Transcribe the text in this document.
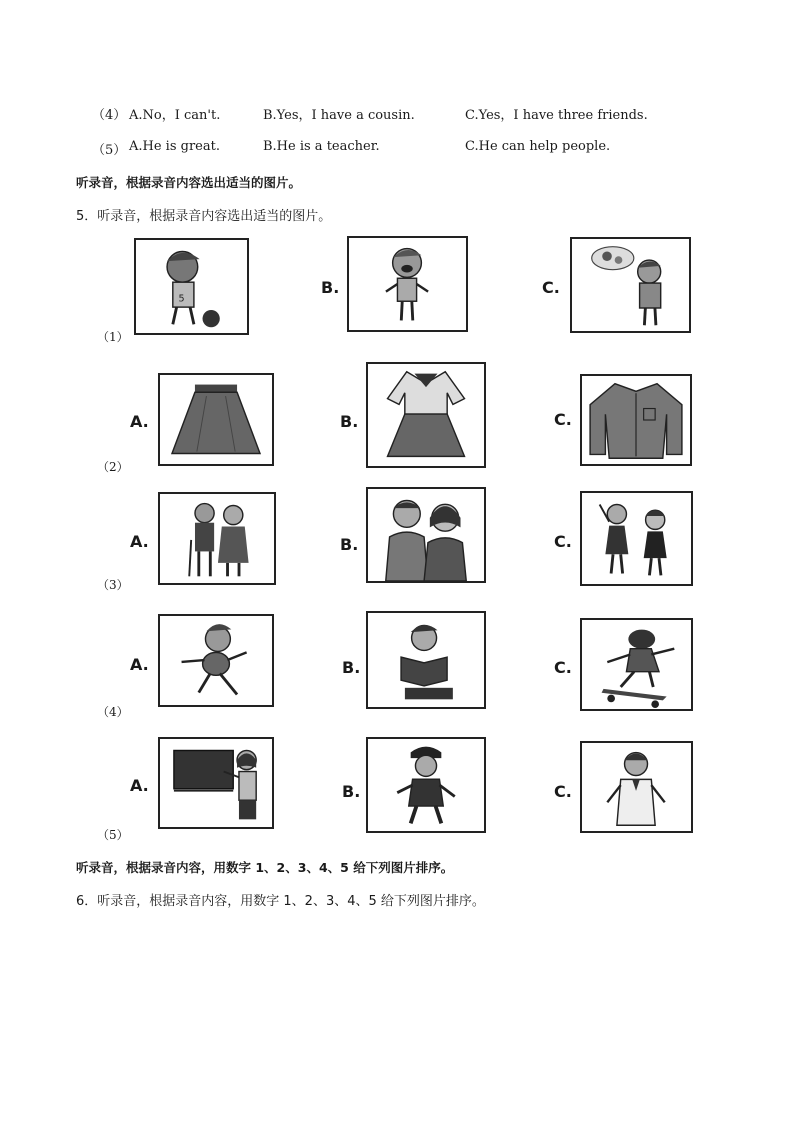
（4） A.No，I can't.	B.Yes，I have a cousin.	C.Yes，I have three friends.
（5） A.He is great.	B.He is a teacher.	C.He can help people.
听录音，根据录音内容选出适当的图片。
5．听录音，根据录音内容选出适当的图片。
（1）
5
B.	C.
（2）
A.	B.	C.
（3）
A.	B.	C.
（4）
A.	B.	C.
（5）
A.	B.	C.
听录音，根据录音内容，用数字 1、2、3、4、5 给下列图片排序。
6．听录音，根据录音内容，用数字 1、2、3、4、5 给下列图片排序。
